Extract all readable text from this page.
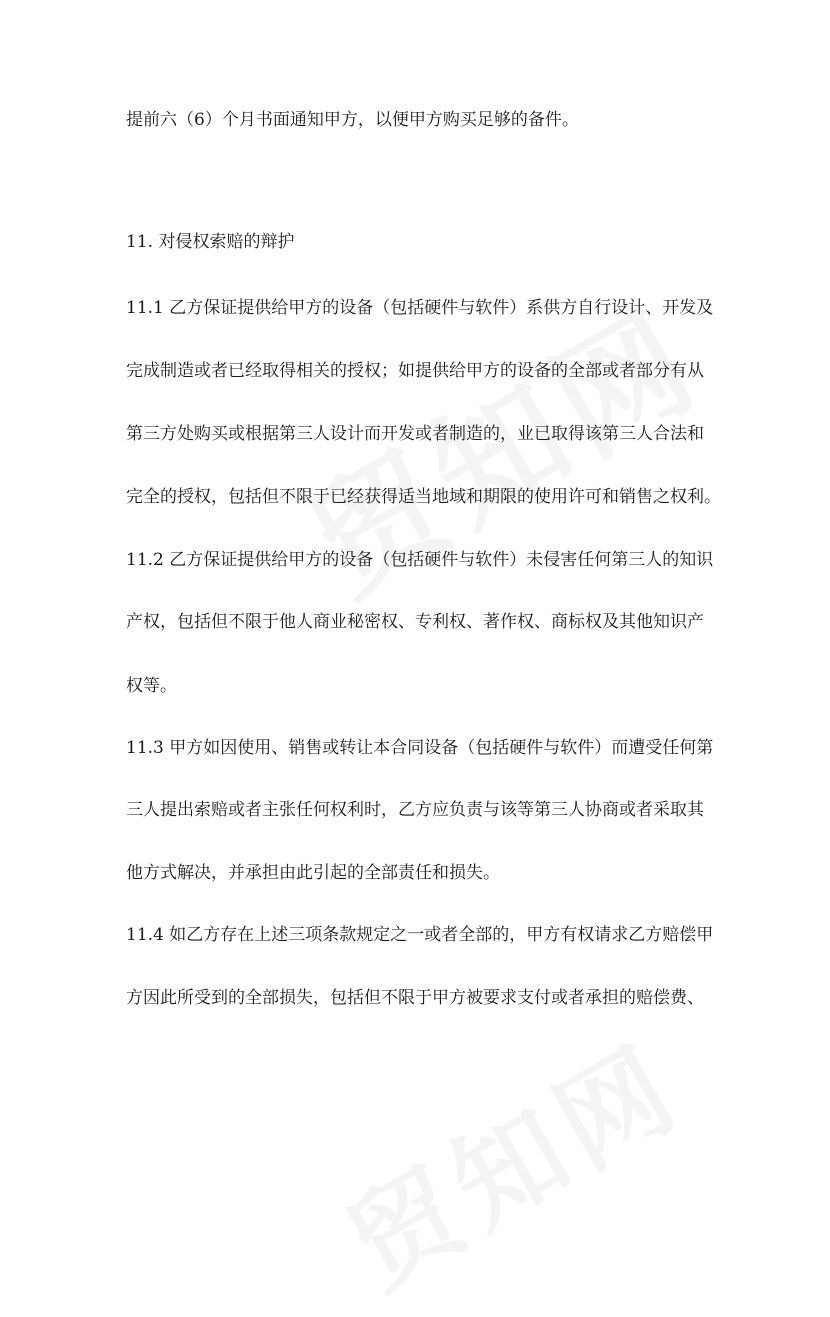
提前六（6）个月书面通知甲方，以便甲方购买足够的备件。
11. 对侵权索赔的辩护
11.1 乙方保证提供给甲方的设备（包括硬件与软件）系供方自行设计、开发及
完成制造或者已经取得相关的授权；如提供给甲方的设备的全部或者部分有从
第三方处购买或根据第三人设计而开发或者制造的，业已取得该第三人合法和
完全的授权，包括但不限于已经获得适当地域和期限的使用许可和销售之权利。
11.2 乙方保证提供给甲方的设备（包括硬件与软件）未侵害任何第三人的知识
产权，包括但不限于他人商业秘密权、专利权、著作权、商标权及其他知识产
权等。
11.3 甲方如因使用、销售或转让本合同设备（包括硬件与软件）而遭受任何第
三人提出索赔或者主张任何权利时，乙方应负责与该等第三人协商或者采取其
他方式解决，并承担由此引起的全部责任和损失。
11.4 如乙方存在上述三项条款规定之一或者全部的，甲方有权请求乙方赔偿甲
方因此所受到的全部损失，包括但不限于甲方被要求支付或者承担的赔偿费、
